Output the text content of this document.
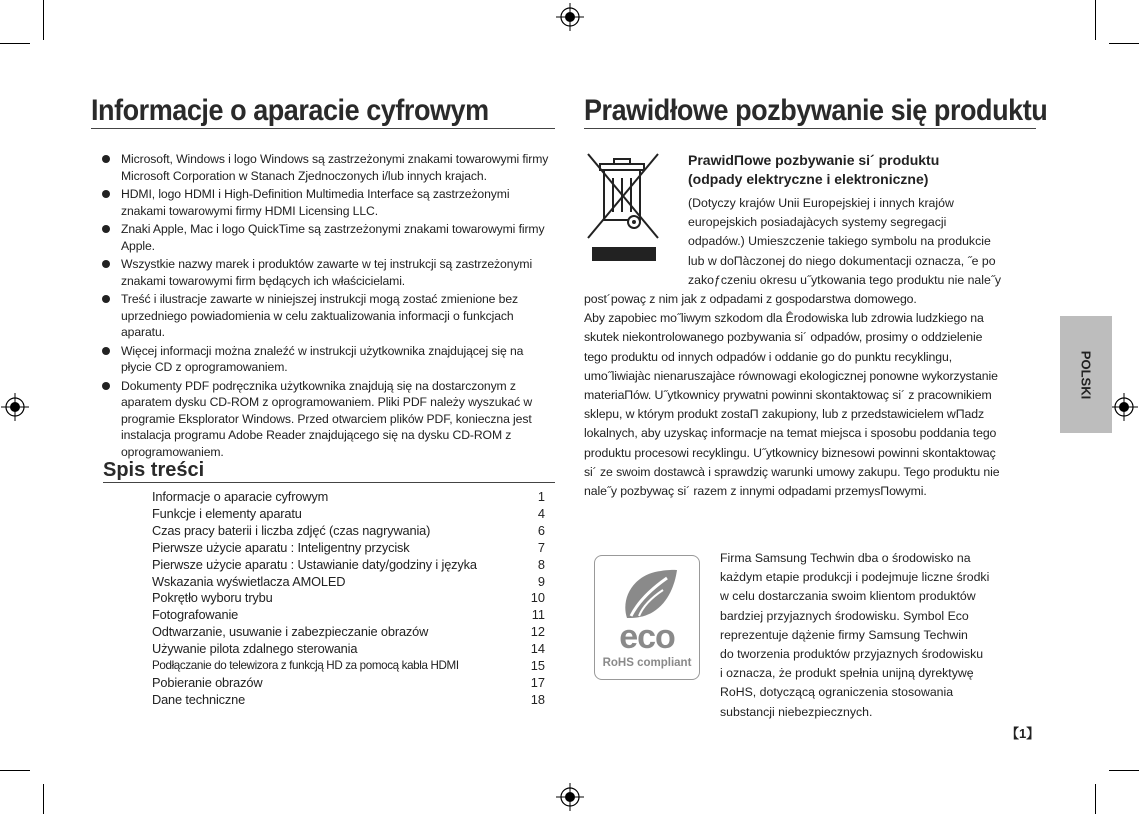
Informacje o aparacie cyfrowym
Microsoft, Windows i logo Windows są zastrzeżonymi znakami towarowymi firmy Microsoft Corporation w Stanach Zjednoczonych i/lub innych krajach.
HDMI, logo HDMI i High-Definition Multimedia Interface są zastrzeżonymi znakami towarowymi firmy HDMI Licensing LLC.
Znaki Apple, Mac i logo QuickTime są zastrzeżonymi znakami towarowymi firmy Apple.
Wszystkie nazwy marek i produktów zawarte w tej instrukcji są zastrzeżonymi znakami towarowymi firm będących ich właścicielami.
Treść i ilustracje zawarte w niniejszej instrukcji mogą zostać zmienione bez uprzedniego powiadomienia w celu zaktualizowania informacji o funkcjach aparatu.
Więcej informacji można znaleźć w instrukcji użytkownika znajdującej się na płycie CD z oprogramowaniem.
Dokumenty PDF podręcznika użytkownika znajdują się na dostarczonym z aparatem dysku CD-ROM z oprogramowaniem. Pliki PDF należy wyszukać w programie Eksplorator Windows. Przed otwarciem plików PDF, konieczna jest instalacja programu Adobe Reader znajdującego się na dysku CD-ROM z oprogramowaniem.
Spis treści
Informacje o aparacie cyfrowym	1
Funkcje i elementy aparatu	4
Czas pracy baterii i liczba zdjęć (czas nagrywania)	6
Pierwsze użycie aparatu : Inteligentny przycisk	7
Pierwsze użycie aparatu : Ustawianie daty/godziny i języka	8
Wskazania wyświetlacza AMOLED	9
Pokrętło wyboru trybu	10
Fotografowanie	11
Odtwarzanie, usuwanie i zabezpieczanie obrazów	12
Używanie pilota zdalnego sterowania	14
Podłączanie do telewizora z funkcją HD za pomocą kabla HDMI	15
Pobieranie obrazów	17
Dane techniczne	18
Prawidłowe pozbywanie się produktu
PrawidΠowe pozbywanie si´ produktu
(odpady elektryczne i elektroniczne)
(Dotyczy krajów Unii Europejskiej i innych krajów
europejskich posiadajàcych systemy segregacji
odpadów.) Umieszczenie takiego symbolu na produkcie
lub w doΠàczonej do niego dokumentacji oznacza, ˝e po
zakoƒczeniu okresu u˝ytkowania tego produktu nie nale˝y
post´powaç z nim jak z odpadami z gospodarstwa domowego.
Aby zapobiec mo˝liwym szkodom dla Êrodowiska lub zdrowia ludzkiego na
skutek niekontrolowanego pozbywania si´ odpadów, prosimy o oddzielenie
tego produktu od innych odpadów i oddanie go do punktu recyklingu,
umo˝liwiajàc nienaruszajàce równowagi ekologicznej ponowne wykorzystanie
materiaΠów. U˝ytkownicy prywatni powinni skontaktowaç si´ z pracownikiem
sklepu, w którym produkt zostaΠ zakupiony, lub z przedstawicielem wΠadz
lokalnych, aby uzyskaç informacje na temat miejsca i sposobu poddania tego
produktu procesowi recyklingu. U˝ytkownicy biznesowi powinni skontaktowaç
si´ ze swoim dostawcà i sprawdziç warunki umowy zakupu. Tego produktu nie
nale˝y pozbywaç si´ razem z innymi odpadami przemysΠowymi.
eco
RoHS compliant
Firma Samsung Techwin dba o środowisko na
każdym etapie produkcji i podejmuje liczne środki
w celu dostarczania swoim klientom produktów
bardziej przyjaznych środowisku. Symbol Eco
reprezentuje dążenie firmy Samsung Techwin
do tworzenia produktów przyjaznych środowisku
i oznacza, że produkt spełnia unijną dyrektywę
RoHS, dotyczącą ograniczenia stosowania
substancji niebezpiecznych.
POLSKI
【1】
